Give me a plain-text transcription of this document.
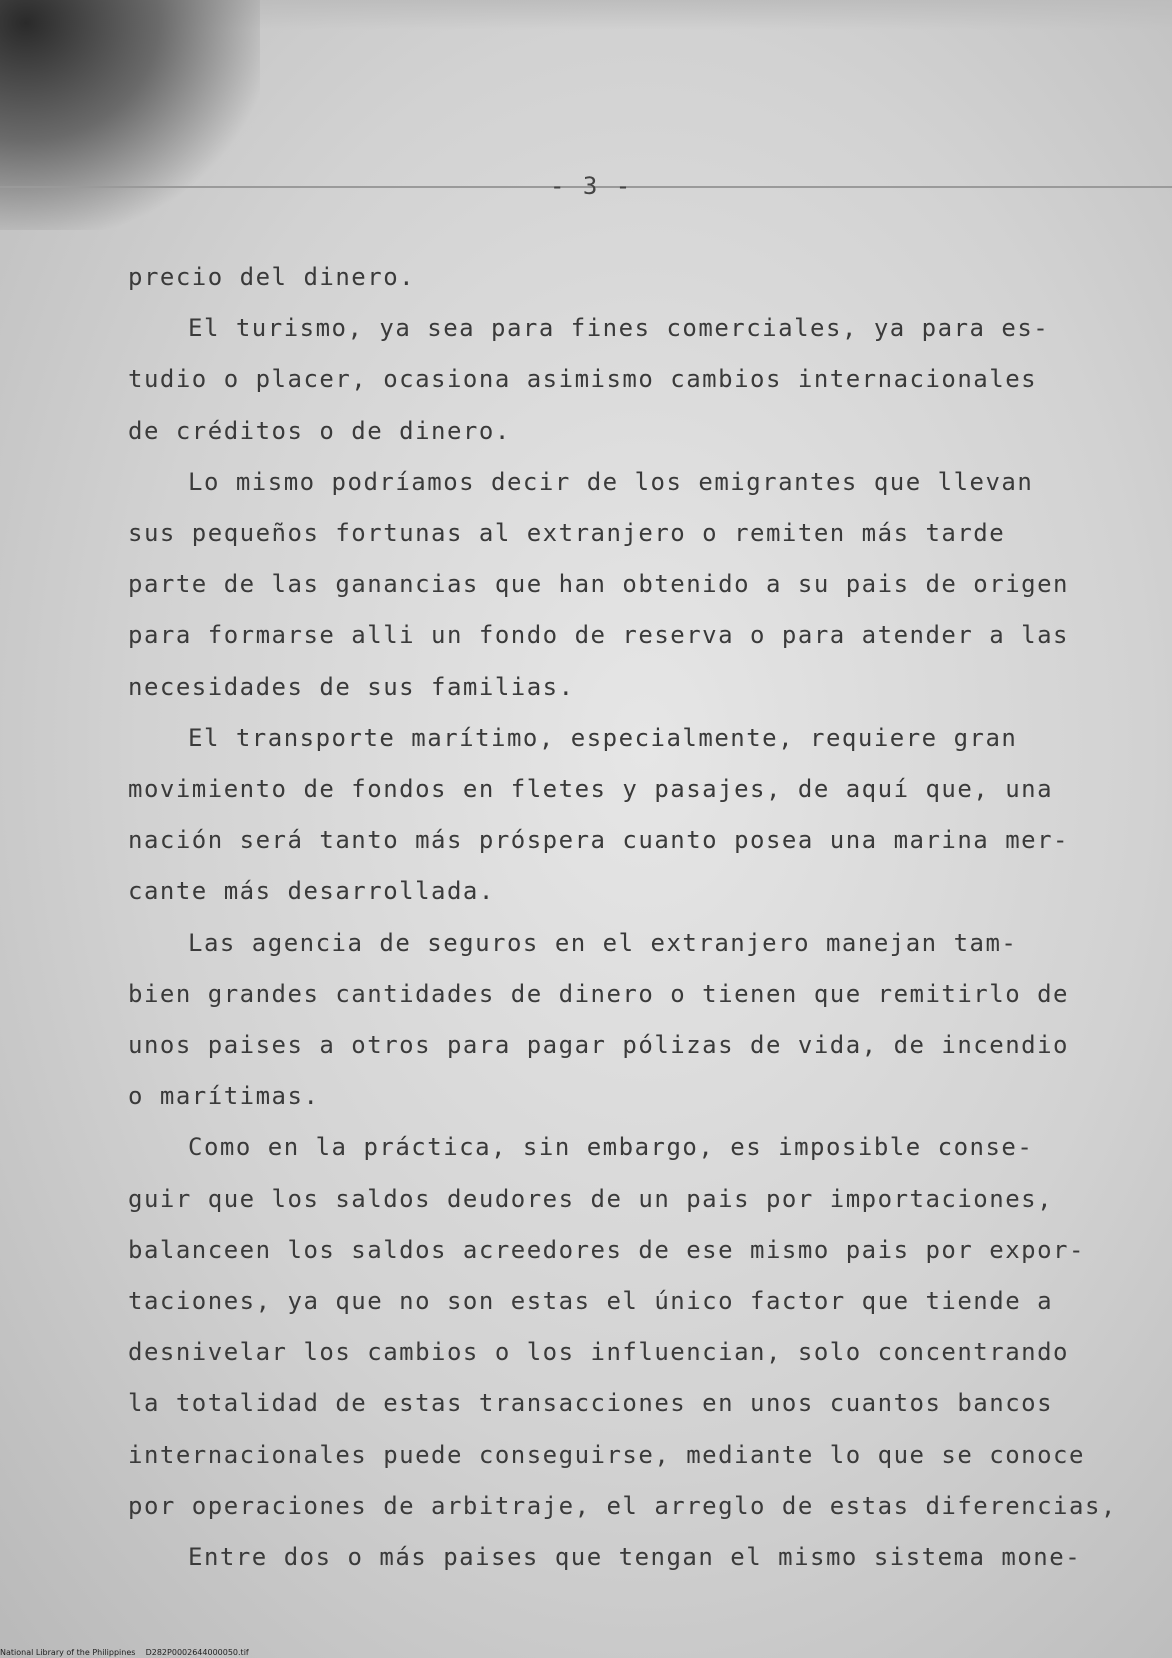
- 3 -
precio del dinero.
El turismo, ya sea para fines comerciales, ya para es-
tudio o placer, ocasiona asimismo cambios internacionales
de créditos o de dinero.
Lo mismo podríamos decir de los emigrantes que llevan
sus pequeños fortunas al extranjero o remiten más tarde
parte de las ganancias que han obtenido a su pais de origen
para formarse alli un fondo de reserva o para atender a las
necesidades de sus familias.
El transporte marítimo, especialmente, requiere gran
movimiento de fondos en fletes y pasajes, de aquí que, una
nación será tanto más próspera cuanto posea una marina mer-
cante más desarrollada.
Las agencia de seguros en el extranjero manejan tam-
bien grandes cantidades de dinero o tienen que remitirlo de
unos paises a otros para pagar pólizas de vida, de incendio
o marítimas.
Como en la práctica, sin embargo, es imposible conse-
guir que los saldos deudores de un pais por importaciones,
balanceen los saldos acreedores de ese mismo pais por expor-
taciones, ya que no son estas el único factor que tiende a
desnivelar los cambios o los influencian, solo concentrando
la totalidad de estas transacciones en unos cuantos bancos
internacionales puede conseguirse, mediante lo que se conoce
por operaciones de arbitraje, el arreglo de estas diferencias,
Entre dos o más paises que tengan el mismo sistema mone-
National Library of the Philippines    D282P0002644000050.tif
